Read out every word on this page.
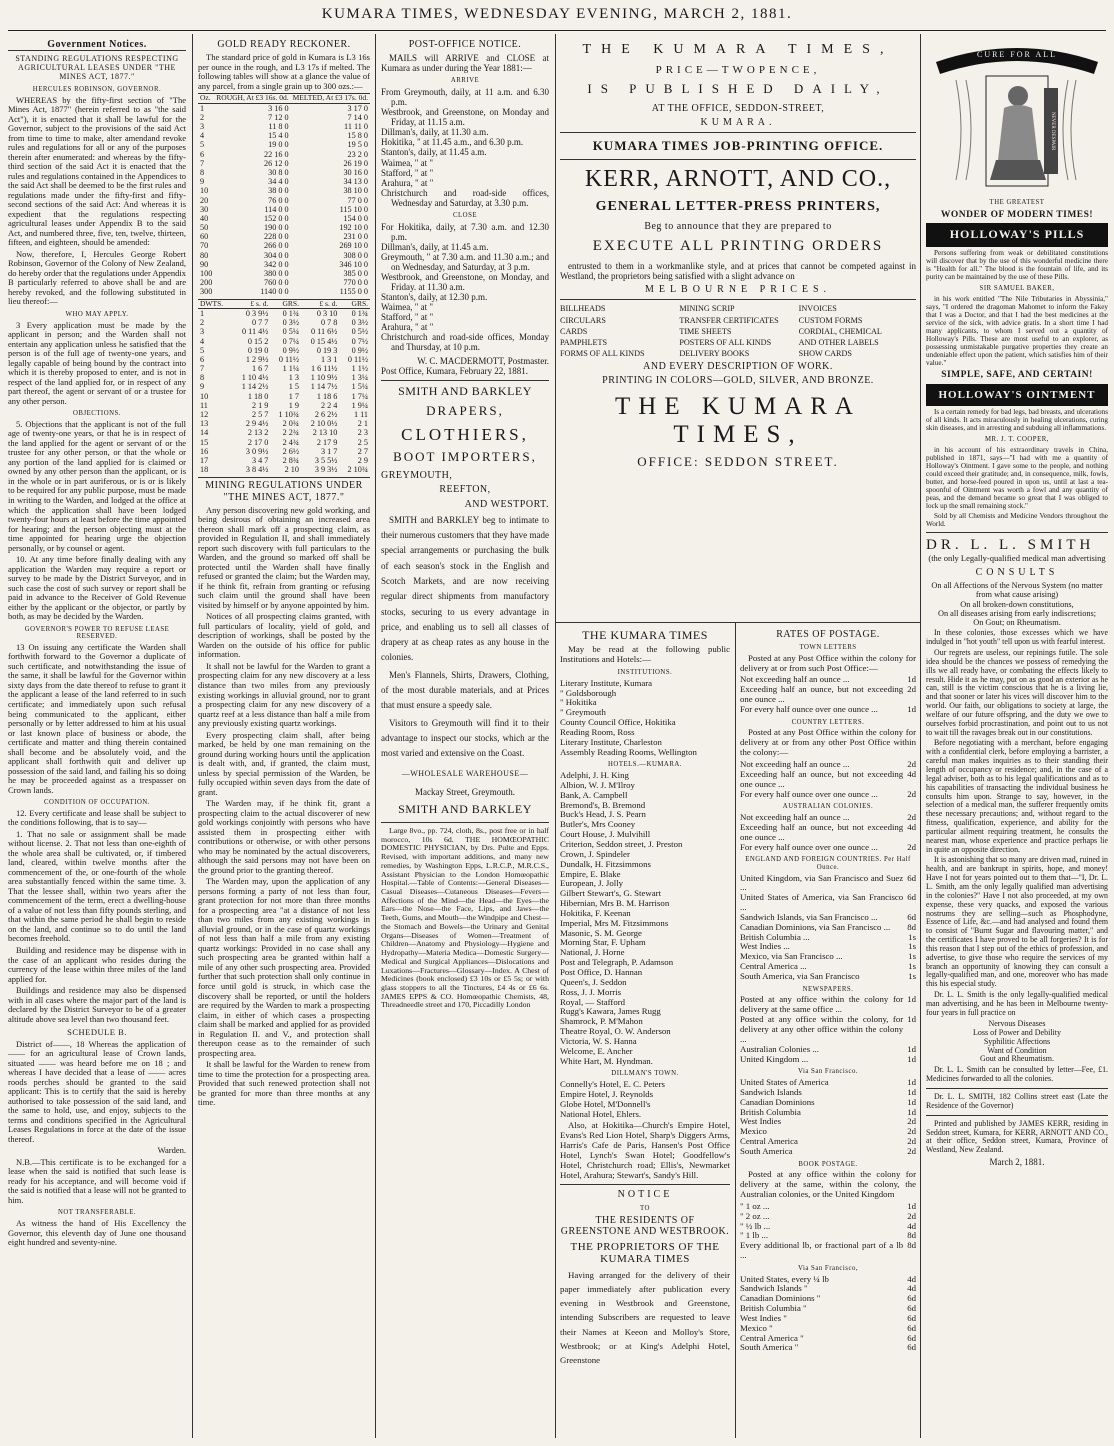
KUMARA TIMES, WEDNESDAY EVENING, MARCH 2, 1881.
Government Notices.
STANDING REGULATIONS RESPECTING AGRICULTURAL LEASES UNDER "THE MINES ACT, 1877."
HERCULES ROBINSON, GOVERNOR.

WHEREAS by the fifty-first section of "The Mines Act, 1877" (herein referred to as "the said Act"), it is enacted that it shall be lawful for the Governor, subject to the provisions of the said Act from time to time to make, alter amendand revoke rules and regulations for all or any of the purposes therein after enumerated: and whereas by the fifty-third section of the said Act it is enacted that the rules and regulations contained in the Appendices to the said Act shall be deemed to be the first rules and regulations made under the fifty-first and fifty-second sections of the said Act: And whereas it is expedient that the regulations respecting agricultural leases under Appendix B to the said Act, and numbered three, five, ten, twelve, thirteen, fifteen, and eighteen, should be amended:

Now, therefore, I, Hercules George Robert Robinson, Governor of the Colony of New Zealand, do hereby order that the regulations under Appendix B particularly referred to above shall be and are hereby revoked, and the following substituted in lieu thereof:—

WHO MAY APPLY.

3 Every application must be made by the applicant in person; and the Warden shall not entertain any application unless he satisfied that the person is of the full age of twenty-one years, and legally capable of being bound by the contract into which it is thereby proposed to enter, and is not in respect of the land applied for, or in respect of any part thereof, the agent or servant of or a trustee for any other person.

OBJECTIONS.

5. Objections that the applicant is not of the full age of twenty-one years, or that he is in respect of the land applied for the agent or servant of or the trustee for any other person, or that the whole or any portion of the land applied for is claimed or owned by any other person than the applicant, or is in the whole or in part auriferous, or is or is likely to be required for any public purpose, must be made in writing to the Warden, and lodged at the office at which the application shall have been lodged twenty-four hours at least before the time appointed for hearing; and the person objecting must at the time appointed for hearing urge the objection personally, or by counsel or agent.

10. At any time before finally dealing with any application the Warden may require a report or survey to be made by the District Surveyor, and in such case the cost of such survey or report shall be paid in advance to the Receiver of Gold Revenue either by the applicant or the objector, or partly by both, as may be decided by the Warden.

GOVERNOR'S POWER TO REFUSE LEASE RESERVED.

13 On issuing any certificate the Warden shall forthwith forward to the Governor a duplicate of such certificate, and notwithstanding the issue of the same, it shall be lawful for the Governor within sixty days from the date thereof to refuse to grant it the applicant a lease of the land referred to in such certificate; and immediately upon such refusal being communicated to the applicant, either personally or by letter addressed to him at his usual or last known place of business or abode, the certificate and matter and thing therein contained shall become and be absolutely void, and the applicant shall forthwith quit and deliver up possession of the said land, and failing his so doing he may be proceeded against as a trespasser on Crown lands.

CONDITION OF OCCUPATION.

12. Every certificate and lease shall be subject to the conditions following, that is to say—

1. That no sale or assignment shall be made without license. 2. That not less than one-eighth of the whole area shall be cultivated, or, if timbered land, cleared, within twelve months after the commencement of the, or one-fourth of the whole area substantially fenced within the same time. 3. That the lessee shall, within two years after the commencement of the term, erect a dwelling-house of a value of not less than fifty pounds sterling, and that within the same period he shall begin to reside on the land, and continue so to do until the land becomes freehold.

Building and residence may be dispense with in the case of an applicant who resides during the currency of the lease within three miles of the land applied for.

Buildings and residence may also be dispensed with in all cases where the major part of the land is declared by the District Surveyor to be of a greater altitude above sea level than two thousand feet.

SCHEDULE B.

District of——, 18 Whereas the application of —— for an agricultural lease of Crown lands, situated —— was heard before me on 18 ; and whereas I have decided that a lease of —— acres roods perches should be granted to the said applicant: This is to certify that the said is hereby authorised to take possession of the said land, and the same to hold, use, and enjoy, subjects to the terms and conditions specified in the Agricultural Leases Regulations in force at the date of the issue thereof.

Warden.

N.B.—This certificate is to be exchanged for a lease when the said is notified that such lease is ready for his acceptance, and will become void if the said is notified that a lease will not be granted to him.

NOT TRANSFERABLE.

As witness the hand of His Excellency the Governor, this eleventh day of June one thousand eight hundred and seventy-nine.

GOLD READY RECKONER.

The standard price of gold in Kumara is L3 16s per ounce in the rough, and L3 17s if melted. The following tables will show at a glance the value of any parcel, from a single grain up to 300 ozs.:—

Oz.	ROUGH, At £3 16s. 0d.	MELTED, At £3 17s. 0d.
1	3 16 0	3 17 0
2	7 12 0	7 14 0
3	11 8 0	11 11 0
4	15 4 0	15 8 0
5	19 0 0	19 5 0
6	22 16 0	23 2 0
7	26 12 0	26 19 0
8	30 8 0	30 16 0
9	34 4 0	34 13 0
10	38 0 0	38 10 0
20	76 0 0	77 0 0
30	114 0 0	115 10 0
40	152 0 0	154 0 0
50	190 0 0	192 10 0
60	228 0 0	231 0 0
70	266 0 0	269 10 0
80	304 0 0	308 0 0
90	342 0 0	346 10 0
100	380 0 0	385 0 0
200	760 0 0	770 0 0
300	1140 0 0	1155 0 0
DWTS.	£ s. d.	GRS.	£ s. d.	GRS.
1	0 3 9½	0 1¾	0 3 10	0 1¾
2	0 7 7	0 3½	0 7 8	0 3½
3	0 11 4½	0 5¼	0 11 6½	0 5½
4	0 15 2	0 7¼	0 15 4½	0 7½
5	0 19 0	0 9½	0 19 3	0 9½
6	1 2 9½	0 11½	1 3 1	0 11½
7	1 6 7	1 1¼	1 6 11½	1 1½
8	1 10 4½	1 3	1 10 9½	1 3¼
9	1 14 2½	1 5	1 14 7½	1 5¼
10	1 18 0	1 7	1 18 6	1 7¼
11	2 1 9	1 9	2 2 4	1 9¼
12	2 5 7	1 10¾	2 6 2½	1 11
13	2 9 4½	2 0¾	2 10 0½	2 1
14	2 13 2	2 2¾	2 13 10	2 3
15	2 17 0	2 4¾	2 17 9	2 5
16	3 0 9½	2 6½	3 1 7	2 7
17	3 4 7	2 8¾	3 5 5½	2 9
18	3 8 4½	2 10	3 9 3½	2 10¾
MINING REGULATIONS UNDER "THE MINES ACT, 1877."

Any person discovering new gold working, and being desirous of obtaining an increased area thereon shall mark off a prospecting claim, as provided in Regulation II, and shall immediately report such discovery with full particulars to the Warden, and the ground so marked off shall be protected until the Warden shall have finally refused or granted the claim; but the Warden may, if he think fit, refrain from granting or refusing such claim until the ground shall have been visited by himself or by anyone appointed by him.

Notices of all prospecting claims granted, with full particulars of locality, yield of gold, and description of workings, shall be posted by the Warden on the outside of his office for public information.

It shall not be lawful for the Warden to grant a prospecting claim for any new discovery at a less distance than two miles from any previously existing workings in alluvial ground, nor to grant a prospecting claim for any new discovery of a quartz reef at a less distance than half a mile from any previously existing quartz workings.

Every prospecting claim shall, after being marked, be held by one man remaining on the ground during working hours until the application is dealt with, and, if granted, the claim must, unless by special permission of the Warden, be fully occupied within seven days from the date of grant.

The Warden may, if he think fit, grant a prospecting claim to the actual discoverer of new gold workings conjointly with persons who have assisted them in prospecting either with contributions or otherwise, or with other persons who may be nominated by the actual discoverers, although the said persons may not have been on the ground prior to the granting thereof.

The Warden may, upon the application of any persons forming a party of not less than four, grant protection for not more than three months for a prospecting area "at a distance of not less than two miles from any existing workings in alluvial ground, or in the case of quartz workings of not less than half a mile from any existing quartz workings: Provided in no case shall any such prospecting area be granted within half a mile of any other such prospecting area. Provided further that such protection shall only continue in force until gold is struck, in which case the discovery shall be reported, or until the holders are required by the Warden to mark a prospecting claim, in either of which cases a prospecting claim shall be marked and applied for as provided in Regulation II. and V., and protection shall thereupon cease as to the remainder of such prospecting area.

It shall be lawful for the Warden to renew from time to time the protection for a prospecting area. Provided that such renewed protection shall not be granted for more than three months at any time.

POST-OFFICE NOTICE.

MAILS will ARRIVE and CLOSE at Kumara as under during the Year 1881:—

ARRIVE
From Greymouth, daily, at 11 a.m. and 6.30 p.m.
Westbrook, and Greenstone, on Monday and Friday, at 11.15 a.m.
Dillman's, daily, at 11.30 a.m.
Hokitika, " at 11.45 a.m., and 6.30 p.m.
Stanton's, daily, at 11.45 a.m.
Waimea, " at "
Stafford, " at "
Arahura, " at "
Christchurch and road-side offices, Wednesday and Saturday, at 3.30 p.m.
CLOSE
For Hokitika, daily, at 7.30 a.m. and 12.30 p.m.
Dillman's, daily, at 11.45 a.m.
Greymouth, " at 7.30 a.m. and 11.30 a.m.; and on Wednesday, and Saturday, at 3 p.m.
Westbrook, and Greenstone, on Monday, and Friday. at 11.30 a.m.
Stanton's, daily, at 12.30 p.m.
Waimea, " at "
Stafford, " at "
Arahura, " at "
Christchurch and road-side offices, Monday and Thursday, at 10 p.m.
W. C. MACDERMOTT, Postmaster.
Post Office, Kumara, February 22, 1881.
SMITH AND BARKLEY
DRAPERS,
CLOTHIERS,
BOOT IMPORTERS,
GREYMOUTH,
REEFTON,
AND WESTPORT.

SMITH and BARKLEY beg to intimate to their numerous customers that they have made special arrangements or purchasing the bulk of each season's stock in the English and Scotch Markets, and are now receiving regular direct shipments from manufactory stocks, securing to us every advantage in price, and enabling us to sell all classes of drapery at as cheap rates as any house in the colonies.

Men's Flannels, Shirts, Drawers, Clothing, of the most durable materials, and at Prices that must ensure a speedy sale.

Visitors to Greymouth will find it to their advantage to inspect our stocks, which ar the most varied and extensive on the Coast.

—WHOLESALE WAREHOUSE—
Mackay Street, Greymouth.
SMITH AND BARKLEY

Large 8vo., pp. 724, cloth, 8s., post free or in half morocco, 10s 6d. THE HOMŒOPATHIC DOMESTIC PHYSICIAN, by Drs. Pulte and Epps. Revised, with important additions, and many new remedies, by Washington Epps, L.R.C.P., M.R.C.S., Assistant Physician to the London Homœopathic Hospital.—Table of Contents:—General Diseases—Casual Diseases—Cutaneous Diseases—Fevers—Affections of the Mind—the Head—the Eyes—the Ears—the Nose—the Face, Lips, and Jaws—the Teeth, Gums, and Mouth—the Windpipe and Chest—the Stomach and Bowels—the Urinary and Genital Organs—Diseases of Women—Treatment of Children—Anatomy and Physiology—Hygiene and Hydropathy—Materia Medica—Domestic Surgery—Medical and Surgical Appliances—Dislocations and Luxations—Fractures—Glossary—Index. A Chest of Medicines (book enclosed) £3 10s or £5 5s; or with glass stoppers to all the Tinctures, £4 4s or £6 6s. JAMES EPPS & CO. Homœopathic Chemists, 48, Threadneedle street and 170, Piccadilly London

THE KUMARA TIMES,
PRICE—TWOPENCE,
IS PUBLISHED DAILY,
AT THE OFFICE, SEDDON-STREET,
KUMARA.
KUMARA TIMES JOB-PRINTING OFFICE.
KERR, ARNOTT, AND CO.,
GENERAL LETTER-PRESS PRINTERS,
Beg to announce that they are prepared to
EXECUTE ALL PRINTING ORDERS

entrusted to them in a workmanlike style, and at prices that cannot be competed against in Westland, the proprietors being satisfied with a slight advance on

MELBOURNE PRICES.
BILLHEADS	MINING SCRIP	INVOICES
CIRCULARS	TRANSFER CERTIFICATES	CUSTOM FORMS
CARDS	TIME SHEETS	CORDIAL, CHEMICAL
PAMPHLETS	POSTERS OF ALL KINDS	AND OTHER LABELS
FORMS OF ALL KINDS	DELIVERY BOOKS	SHOW CARDS
AND EVERY DESCRIPTION OF WORK.
PRINTING IN COLORS—GOLD, SILVER, AND BRONZE.
THE KUMARA TIMES,
OFFICE: SEDDON STREET.
THE KUMARA TIMES

May be read at the following public Institutions and Hotels:—

INSTITUTIONS.
Literary Institute, Kumara
" Goldsborough
" Hokitika
" Greymouth
County Council Office, Hokitika
Reading Room, Ross
Literary Institute, Charleston
Assembly Reading Rooms, Wellington
HOTELS.—KUMARA.
Adelphi, J. H. King
Albion, W. J. M'Ilroy
Bank, A. Campbell
Bremond's, B. Bremond
Buck's Head, J. S. Pearn
Butler's, Mrs Cooney
Court House, J. Mulvihill
Criterion, Seddon street, J. Preston
Crown, J. Spindeler
Dundalk, H. Fitzsimmons
Empire, E. Blake
European, J. Jolly
Gilbert Stewart's, G. Stewart
Hibernian, Mrs B. M. Harrison
Hokitika, F. Keenan
Imperial, Mrs M. Fitzsimmons
Masonic, S. M. George
Morning Star, F. Upham
National, J. Horne
Post and Telegraph, P. Adamson
Post Office, D. Hannan
Queen's, J. Seddon
Ross, J. J. Morris
Royal, — Stafford
Rugg's Kawara, James Rugg
Shamrock, P. M'Mahon
Theatre Royal, O. W. Anderson
Victoria, W. S. Hanna
Welcome, E. Ancher
White Hart, M. Hyndman.
DILLMAN'S TOWN.
Connelly's Hotel, E. C. Peters
Empire Hotel, J. Reynolds
Globe Hotel, M'Donnell's
National Hotel, Ehlers.

Also, at Hokitika—Church's Empire Hotel, Evans's Red Lion Hotel, Sharp's Diggers Arms, Harris's Cafe de Paris, Hansen's Post Office Hotel, Lynch's Swan Hotel; Goodfellow's Hotel, Christchurch road; Ellis's, Newmarket Hotel, Arahura; Stewart's, Sandy's Hill.

NOTICE
TO
THE RESIDENTS OF GREENSTONE AND WESTBROOK.
THE PROPRIETORS OF THE KUMARA TIMES

Having arranged for the delivery of their paper immediately after publication every evening in Westbrook and Greenstone, intending Subscribers are requested to leave their Names at Keeon and Molloy's Store, Westbrook; or at King's Adelphi Hotel, Greenstone

RATES OF POSTAGE.
TOWN LETTERS

Posted at any Post Office within the colony for delivery at or from such Post Office:—

Not exceeding half an ounce ...	1d
Exceeding half an ounce, but not exceeding one ounce ...
2d
For every half ounce over one ounce ...	1d
COUNTRY LETTERS.

Posted at any Post Office within the colony for delivery at or from any other Post Office within the colony:—

Not exceeding half an ounce ...	2d
Exceeding half an ounce, but not exceeding one ounce ...
4d
For every half ounce over one ounce ...	2d
AUSTRALIAN COLONIES.
Not exceeding half an ounce ...	2d
Exceeding half an ounce, but not exceeding one ounce ...
4d
For every half ounce over one ounce ...	2d
ENGLAND AND FOREIGN COUNTRIES. Per Half Ounce.
United Kingdom, via San Francisco and Suez ...
6d
United States of America, via San Francisco ...
6d
Sandwich Islands, via San Francisco ...	6d
Canadian Dominions, via San Francisco ...	8d
British Columbia ...	1s
West Indies ...	1s
Mexico, via San Francisco ...	1s
Central America ...	1s
South America, via San Francisco	1s
NEWSPAPERS.
Posted at any office within the colony for delivery at the same office ...
1d
Posted at any office within the colony, for delivery at any other office within the colony ...
1d
Australian Colonies ...	1d
United Kingdom ...	1d
Via San Francisco.
United States of America	1d
Sandwich Islands	1d
Canadian Dominions	1d
British Columbia	1d
West Indies	2d
Mexico	2d
Central America	2d
South America	2d
BOOK POSTAGE.

Posted at any office within the colony for delivery at the same, within the colony, the Australian colonies, or the United Kingdom

" 1 oz ...	1d
" 2 oz ...	2d
" ½ lb ...	4d
" 1 lb ...	8d
Every additional lb, or fractional part of a lb ...
8d
Via San Francisco,
United States, every ¼ lb	4d
Sandwich Islands "	4d
Canadian Dominions "	6d
British Columbia "	6d
West Indies "	6d
Mexico "	6d
Central America "	6d
South America "	6d
CURE FOR ALL
NEVER DESPAIR
THE GREATEST
WONDER OF MODERN TIMES!
HOLLOWAY'S PILLS

Persons suffering from weak or debilitated constitutions will discover that by the use of this wonderful medicine there is "Health for all." The blood is the fountain of life, and its purity can be maintained by the use of these Pills.

SIR SAMUEL BAKER,

in his work entitled "The Nile Tributaries in Abyssinia," says, "I ordered the dragoman Mahomet to inform the Fakey that I was a Doctor, and that I had the best medicines at the service of the sick, with advice gratis. In a short time I had many applicants, to whom I served out a quantity of Holloway's Pills. These are most useful to an explorer, as possessing unmistakable purgative properties they create an undeniable effect upon the patient, which satisfies him of their value."

SIMPLE, SAFE, AND CERTAIN!
HOLLOWAY'S OINTMENT

Is a certain remedy for bad legs, bad breasts, and ulcerations of all kinds. It acts miraculously in healing ulcerations, curing skin diseases, and in arresting and subduing all inflammations.

MR. J. T. COOPER,

in his account of his extraordinary travels in China, published in 1871, says—"I had with me a quantity of Holloway's Ointment. I gave some to the people, and nothing could exceed their gratitude; and, in consequence, milk, fowls, butter, and horse-feed poured in upon us, until at last a tea-spoonful of Ointment was worth a fowl and any quantity of peas, and the demand became so great that I was obliged to lock up the small remaining stock."

Sold by all Chemists and Medicine Vendors throughout the World.

DR. L. L. SMITH
(the only Legally-qualified medical man advertising
CONSULTS
On all Affections of the Nervous System (no matter from what cause arising)
On all broken-down constitutions,
On all diseases arising from early indiscretions;
On Gout; on Rheumatism.

In these colonies, those excesses which we have indulged in "hot youth" tell upon us with fearful interest.

Our regrets are useless, our repinings futile. The sole idea should be the chances we possess of remedying the ills we all ready have, or combating the effects likely to result. Hide it as he may, put on as good an exterior as he can, still is the victim conscious that he is a living lie, and that sooner or later his vices will discover him to the world. Our faith, our obligations to society at large, the welfare of our future offspring, and the duty we owe to ourselves forbid procrastination, and point out to us not to wait till the ravages break out in our constitutions.

Before negotiating with a merchant, before engaging with a confidential clerk, before employing a barrister, a careful man makes inquiries as to their standing their length of occupancy or residence; and, in the case of a legal adviser, both as to his legal qualifications and as to his capabilities of transacting the individual business he consults him upon. Strange to say, however, in the selection of a medical man, the sufferer frequently omits these necessary precautions; and, without regard to the fitness, qualification, experience, and ability for the particular ailment requiring treatment, he consults the nearest man, whose experience and practice perhaps lie in quite an opposite direction.

It is astonishing that so many are driven mad, ruined in health, and are bankrupt in spirits, hope, and money! Have I not for years pointed out to them that—"I, Dr. L. L. Smith, am the only legally qualified man advertising in the colonies?" Have I not also proceeded, at my own expense, these very quacks, and exposed the various nostrums they are selling—such as Phosphodyne, Essence of Life, &c.—and had analysed and found them to consist of "Burnt Sugar and flavouring matter," and the certificates I have proved to be all forgeries? It is for this reason that I step out of the ethics of profession, and advertise, to give those who require the services of my branch an opportunity of knowing they can consult a legally-qualified man, and one, moreover who has made this his especial study.

Dr. L. L. Smith is the only legally-qualified medical man advertising, and he has been in Melbourne twenty-four years in full practice on

Nervous Diseases
Loss of Power and Debility
Syphilitic Affections
Want of Condition
Gout and Rheumatism.

Dr. L. L. Smith can be consulted by letter—Fee, £1. Medicines forwarded to all the colonies.

Dr. L. L. SMITH, 182 Collins street east (Late the Residence of the Governor)

Printed and published by JAMES KERR, residing in Seddon street, Kumara, for KERR, ARNOTT AND CO., at their office, Seddon street, Kumara, Province of Westland, New Zealand.

March 2, 1881.
